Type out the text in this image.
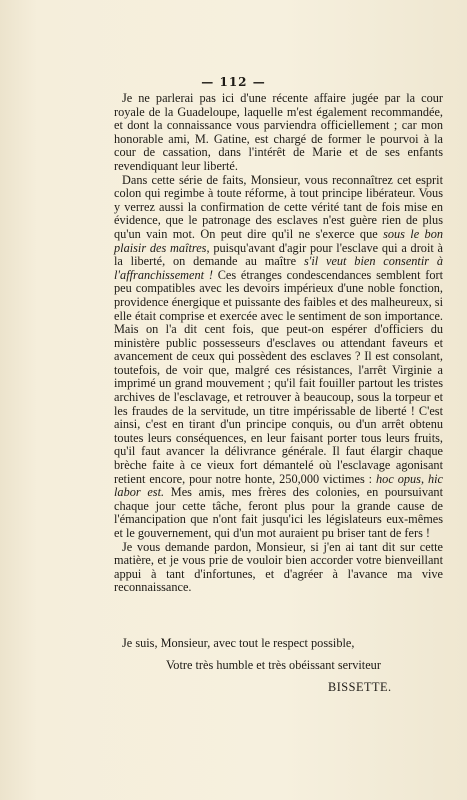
— 112 —

Je ne parlerai pas ici d'une récente affaire jugée par la cour royale de la Guadeloupe, laquelle m'est également recommandée, et dont la connaissance vous parviendra officiellement ; car mon honorable ami, M. Gatine, est chargé de former le pourvoi à la cour de cassation, dans l'intérêt de Marie et de ses enfants revendiquant leur liberté.

Dans cette série de faits, Monsieur, vous reconnaîtrez cet esprit colon qui regimbe à toute réforme, à tout principe libérateur. Vous y verrez aussi la confirmation de cette vérité tant de fois mise en évidence, que le patronage des esclaves n'est guère rien de plus qu'un vain mot. On peut dire qu'il ne s'exerce que sous le bon plaisir des maîtres, puisqu'avant d'agir pour l'esclave qui a droit à la liberté, on demande au maître s'il veut bien consentir à l'affranchissement ! Ces étranges condescendances semblent fort peu compatibles avec les devoirs impérieux d'une noble fonction, providence énergique et puissante des faibles et des malheureux, si elle était comprise et exercée avec le sentiment de son importance. Mais on l'a dit cent fois, que peut-on espérer d'officiers du ministère public possesseurs d'esclaves ou attendant faveurs et avancement de ceux qui possèdent des esclaves ? Il est consolant, toutefois, de voir que, malgré ces résistances, l'arrêt Virginie a imprimé un grand mouvement ; qu'il fait fouiller partout les tristes archives de l'esclavage, et retrouver à beaucoup, sous la torpeur et les fraudes de la servitude, un titre impérissable de liberté ! C'est ainsi, c'est en tirant d'un principe conquis, ou d'un arrêt obtenu toutes leurs conséquences, en leur faisant porter tous leurs fruits, qu'il faut avancer la délivrance générale. Il faut élargir chaque brèche faite à ce vieux fort démantelé où l'esclavage agonisant retient encore, pour notre honte, 250,000 victimes : hoc opus, hic labor est. Mes amis, mes frères des colonies, en poursuivant chaque jour cette tâche, feront plus pour la grande cause de l'émancipation que n'ont fait jusqu'ici les législateurs eux-mêmes et le gouvernement, qui d'un mot auraient pu briser tant de fers !

Je vous demande pardon, Monsieur, si j'en ai tant dit sur cette matière, et je vous prie de vouloir bien accorder votre bienveillant appui à tant d'infortunes, et d'agréer à l'avance ma vive reconnaissance.

Je suis, Monsieur, avec tout le respect possible,
Votre très humble et très obéissant serviteur
BISSETTE.
